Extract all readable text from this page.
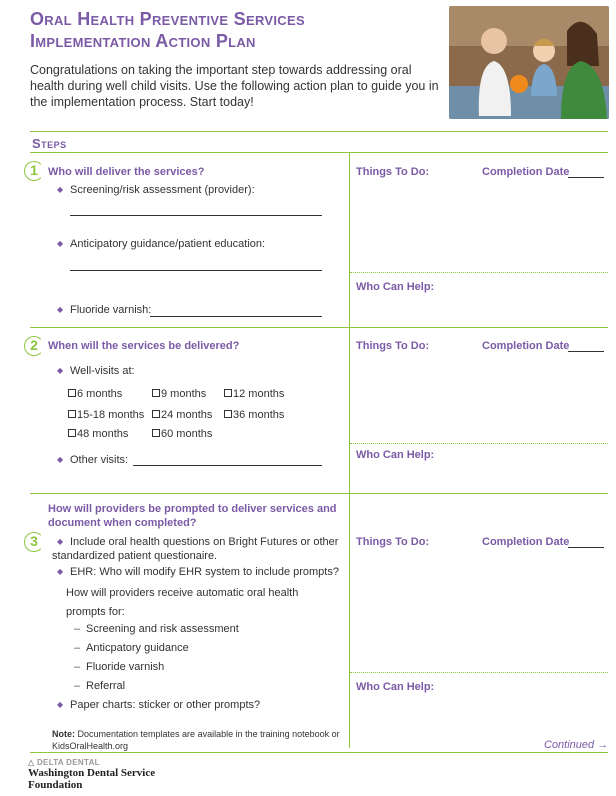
Oral Health Preventive Services
Implementation Action Plan
Congratulations on taking the important step towards addressing oral health during well child visits. Use the following action plan to guide you in the implementation process. Start today!
Steps
1 Who will deliver the services?
◆ Screening/risk assessment (provider):
◆ Anticipatory guidance/patient education:
◆ Fluoride varnish:
Things To Do:	Completion Date
Who Can Help:
2 When will the services be delivered?
◆ Well-visits at:
6 months	9 months	12 months
15-18 months	24 months	36 months
48 months	60 months
◆ Other visits:
Things To Do:	Completion Date
Who Can Help:
How will providers be prompted to deliver services and
document when completed?
3	◆ Include oral health questions on Bright Futures or other
standardized patient questionaire.
◆ EHR: Who will modify EHR system to include prompts?
How will providers receive automatic oral health
prompts for:
– Screening and risk assessment
– Anticpatory guidance
– Fluoride varnish
– Referral
◆ Paper charts: sticker or other prompts?
Things To Do:	Completion Date
Who Can Help:
Note: Documentation templates are available in the training notebook or KidsOralHealth.org	Continued →
△ DELTA DENTAL
Washington Dental Service
Foundation
